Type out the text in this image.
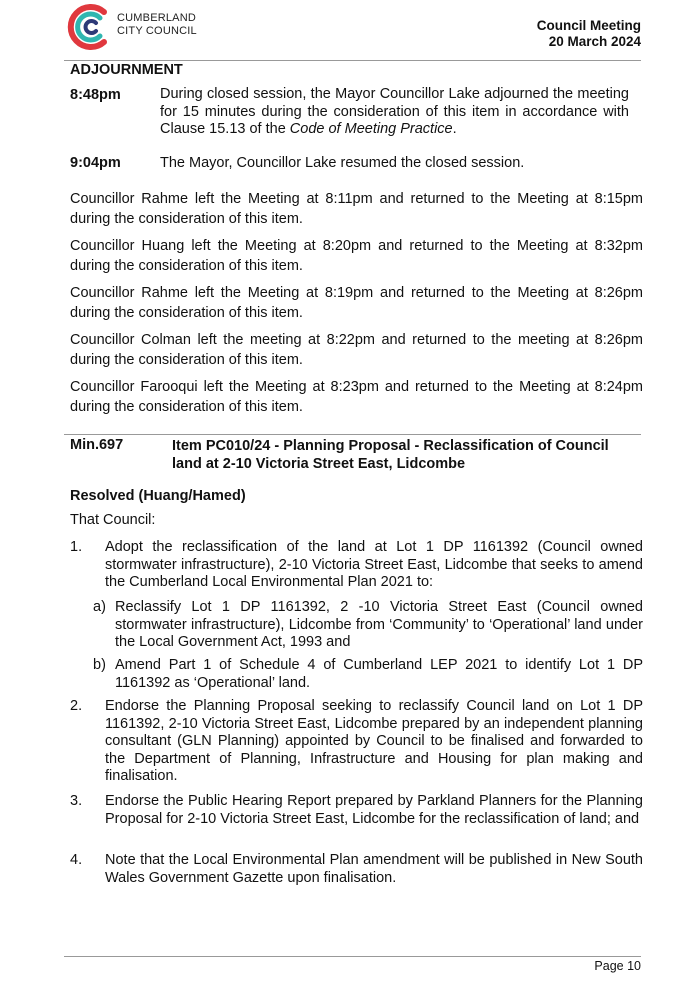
CUMBERLAND
CITY COUNCIL	Council Meeting
20 March 2024
ADJOURNMENT
8:48pm	During closed session, the Mayor Councillor Lake adjourned the meeting for 15 minutes during the consideration of this item in accordance with Clause 15.13 of the Code of Meeting Practice.
9:04pm	The Mayor, Councillor Lake resumed the closed session.
Councillor Rahme left the Meeting at 8:11pm and returned to the Meeting at 8:15pm during the consideration of this item.
Councillor Huang left the Meeting at 8:20pm and returned to the Meeting at 8:32pm during the consideration of this item.
Councillor Rahme left the Meeting at 8:19pm and returned to the Meeting at 8:26pm during the consideration of this item.
Councillor Colman left the meeting at 8:22pm and returned to the meeting at 8:26pm during the consideration of this item.
Councillor Farooqui left the Meeting at 8:23pm and returned to the Meeting at 8:24pm during the consideration of this item.
Min.697	Item PC010/24 - Planning Proposal - Reclassification of Council land at 2-10 Victoria Street East, Lidcombe
Resolved (Huang/Hamed)
That Council:
1.	Adopt the reclassification of the land at Lot 1 DP 1161392 (Council owned stormwater infrastructure), 2-10 Victoria Street East, Lidcombe that seeks to amend the Cumberland Local Environmental Plan 2021 to:
a) Reclassify Lot 1 DP 1161392, 2 -10 Victoria Street East (Council owned stormwater infrastructure), Lidcombe from ‘Community’ to ‘Operational’ land under the Local Government Act, 1993 and
b) Amend Part 1 of Schedule 4 of Cumberland LEP 2021 to identify Lot 1 DP 1161392 as ‘Operational’ land.
2.	Endorse the Planning Proposal seeking to reclassify Council land on Lot 1 DP 1161392, 2-10 Victoria Street East, Lidcombe prepared by an independent planning consultant (GLN Planning) appointed by Council to be finalised and forwarded to the Department of Planning, Infrastructure and Housing for plan making and finalisation.
3.	Endorse the Public Hearing Report prepared by Parkland Planners for the Planning Proposal for 2-10 Victoria Street East, Lidcombe for the reclassification of land; and
4.	Note that the Local Environmental Plan amendment will be published in New South Wales Government Gazette upon finalisation.
Page 10
